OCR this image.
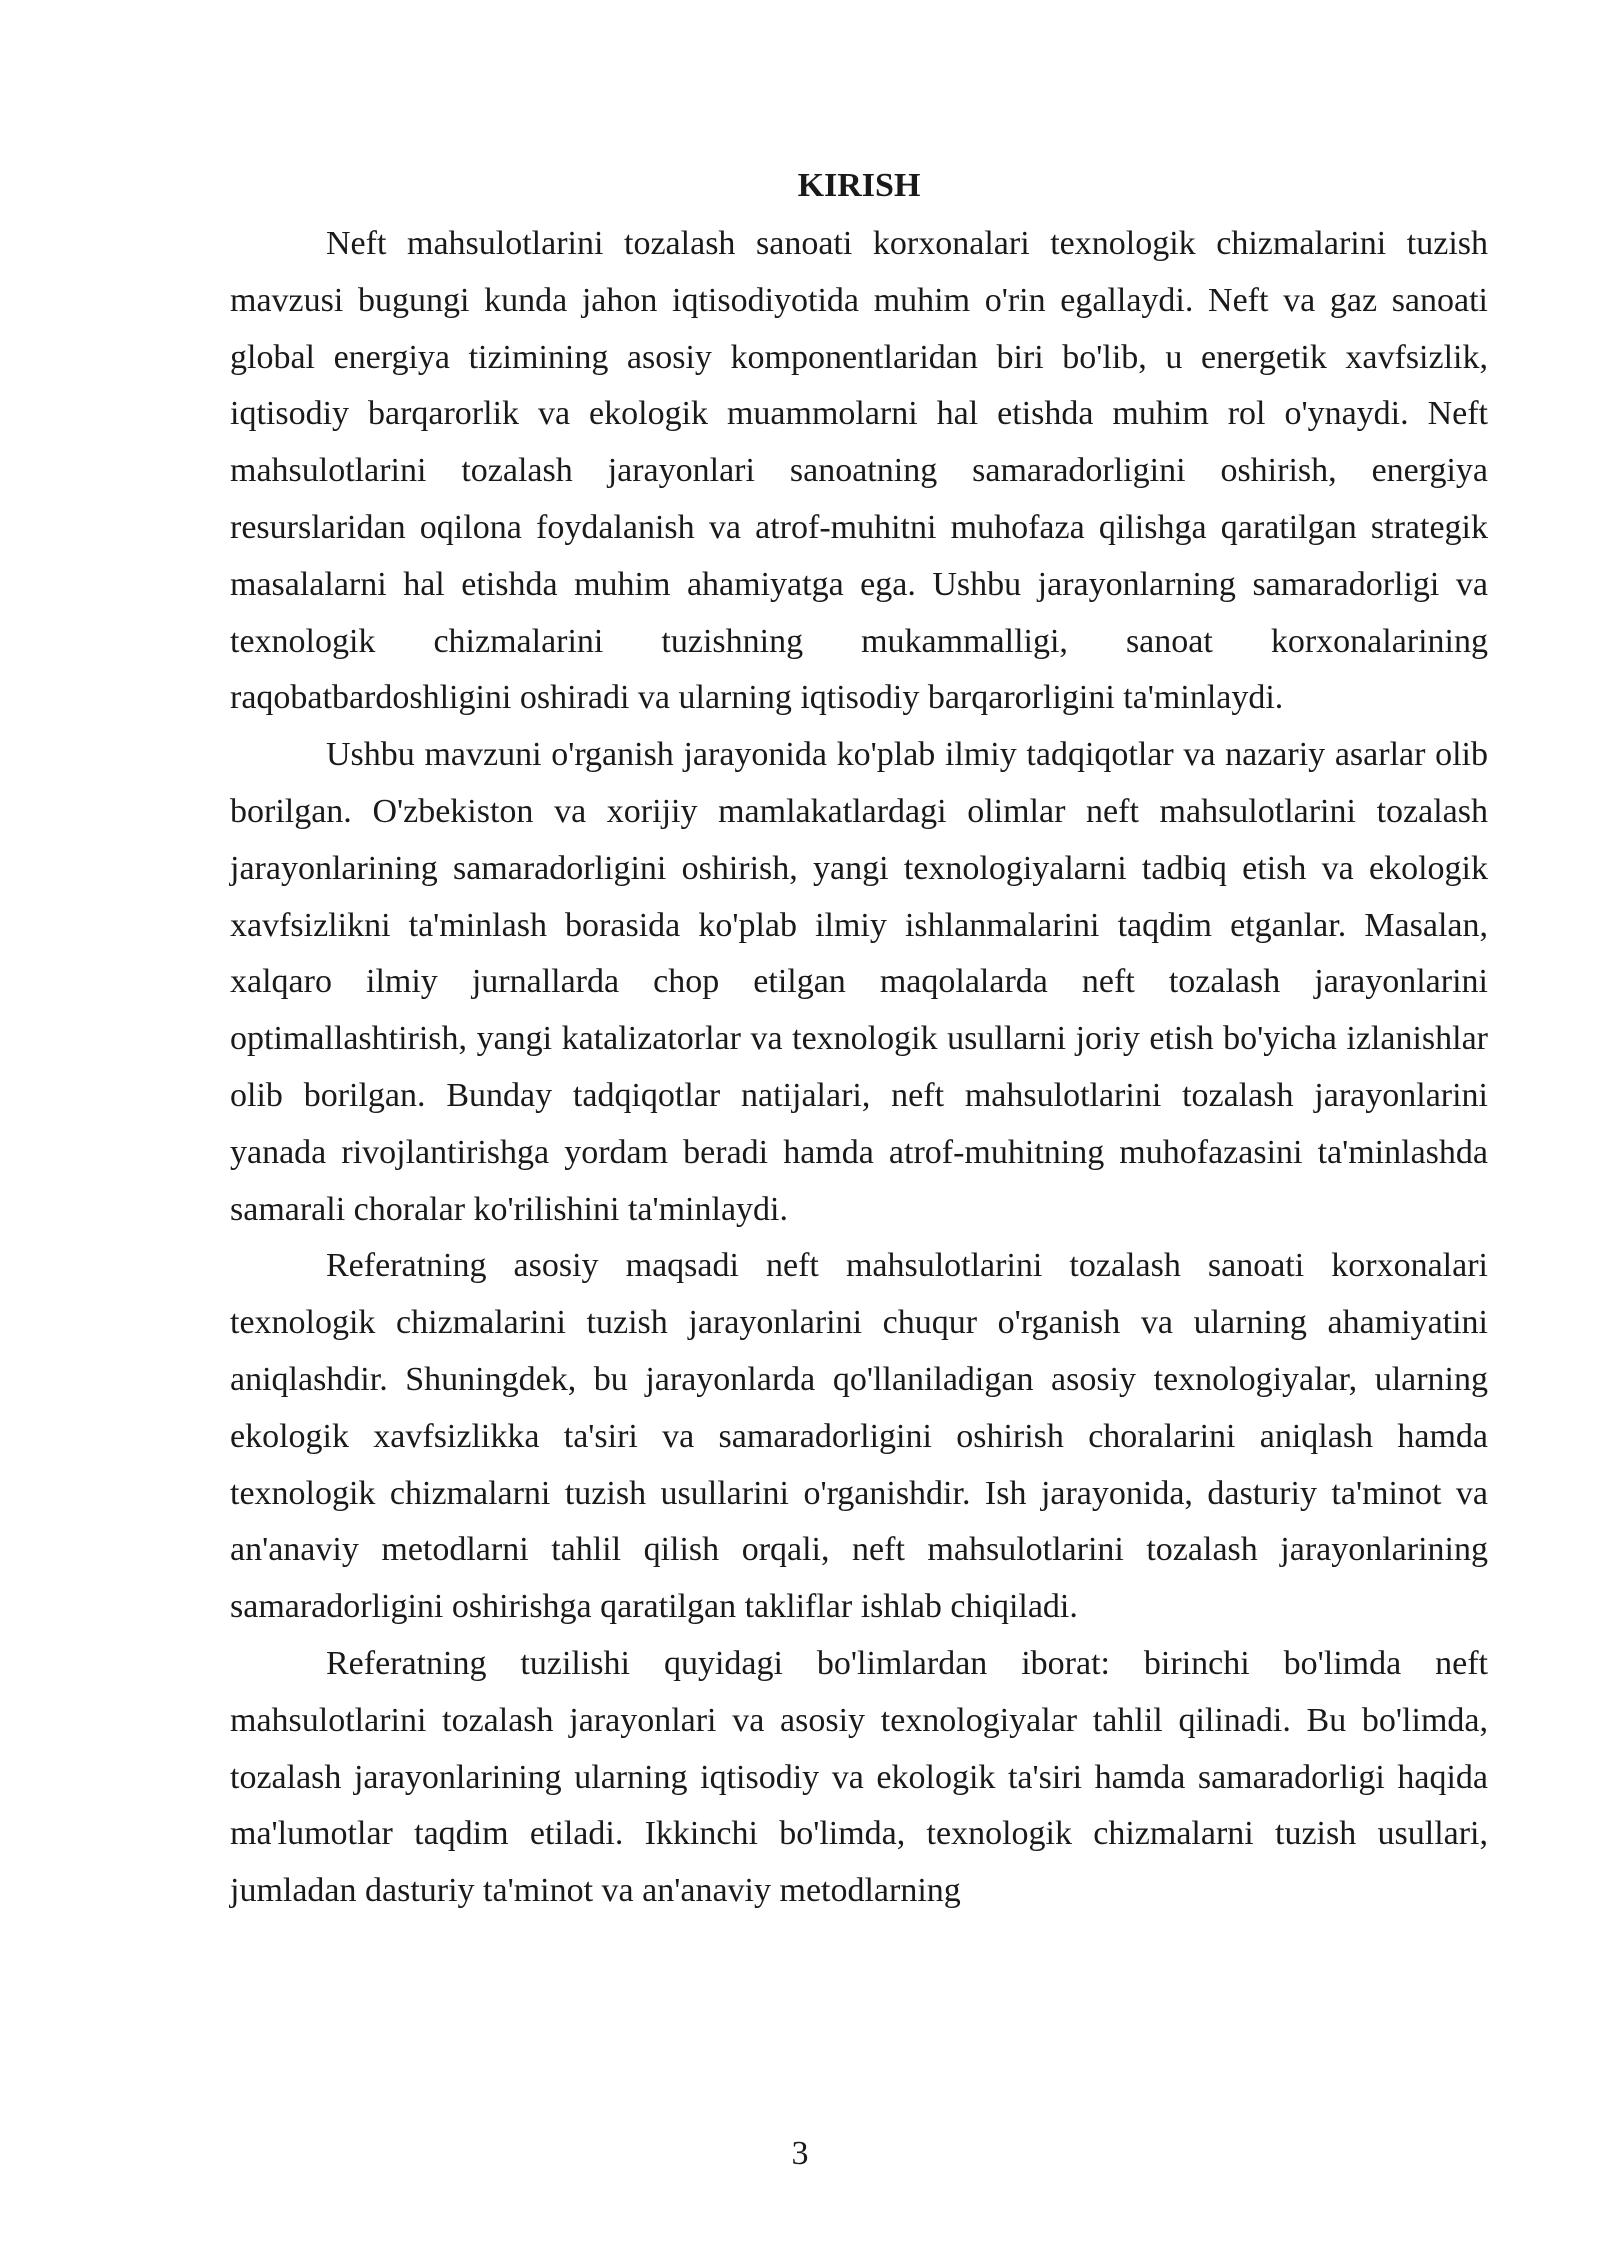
KIRISH

Neft mahsulotlarini tozalash sanoati korxonalari texnologik chizmalarini tuzish mavzusi bugungi kunda jahon iqtisodiyotida muhim o'rin egallaydi. Neft va gaz sanoati global energiya tizimining asosiy komponentlaridan biri bo'lib, u energetik xavfsizlik, iqtisodiy barqarorlik va ekologik muammolarni hal etishda muhim rol o'ynaydi. Neft mahsulotlarini tozalash jarayonlari sanoatning samaradorligini oshirish, energiya resurslaridan oqilona foydalanish va atrof-muhitni muhofaza qilishga qaratilgan strategik masalalarni hal etishda muhim ahamiyatga ega. Ushbu jarayonlarning samaradorligi va texnologik chizmalarini tuzishning mukammalligi, sanoat korxonalarining raqobatbardoshligini oshiradi va ularning iqtisodiy barqarorligini ta'minlaydi.

Ushbu mavzuni o'rganish jarayonida ko'plab ilmiy tadqiqotlar va nazariy asarlar olib borilgan. O'zbekiston va xorijiy mamlakatlardagi olimlar neft mahsulotlarini tozalash jarayonlarining samaradorligini oshirish, yangi texnologiyalarni tadbiq etish va ekologik xavfsizlikni ta'minlash borasida ko'plab ilmiy ishlanmalarini taqdim etganlar. Masalan, xalqaro ilmiy jurnallarda chop etilgan maqolalarda neft tozalash jarayonlarini optimallashtirish, yangi katalizatorlar va texnologik usullarni joriy etish bo'yicha izlanishlar olib borilgan. Bunday tadqiqotlar natijalari, neft mahsulotlarini tozalash jarayonlarini yanada rivojlantirishga yordam beradi hamda atrof-muhitning muhofazasini ta'minlashda samarali choralar ko'rilishini ta'minlaydi.

Referatning asosiy maqsadi neft mahsulotlarini tozalash sanoati korxonalari texnologik chizmalarini tuzish jarayonlarini chuqur o'rganish va ularning ahamiyatini aniqlashdir. Shuningdek, bu jarayonlarda qo'llaniladigan asosiy texnologiyalar, ularning ekologik xavfsizlikka ta'siri va samaradorligini oshirish choralarini aniqlash hamda texnologik chizmalarni tuzish usullarini o'rganishdir. Ish jarayonida, dasturiy ta'minot va an'anaviy metodlarni tahlil qilish orqali, neft mahsulotlarini tozalash jarayonlarining samaradorligini oshirishga qaratilgan takliflar ishlab chiqiladi.

Referatning tuzilishi quyidagi bo'limlardan iborat: birinchi bo'limda neft mahsulotlarini tozalash jarayonlari va asosiy texnologiyalar tahlil qilinadi. Bu bo'limda, tozalash jarayonlarining ularning iqtisodiy va ekologik ta'siri hamda samaradorligi haqida ma'lumotlar taqdim etiladi. Ikkinchi bo'limda, texnologik chizmalarni tuzish usullari, jumladan dasturiy ta'minot va an'anaviy metodlarning

3
